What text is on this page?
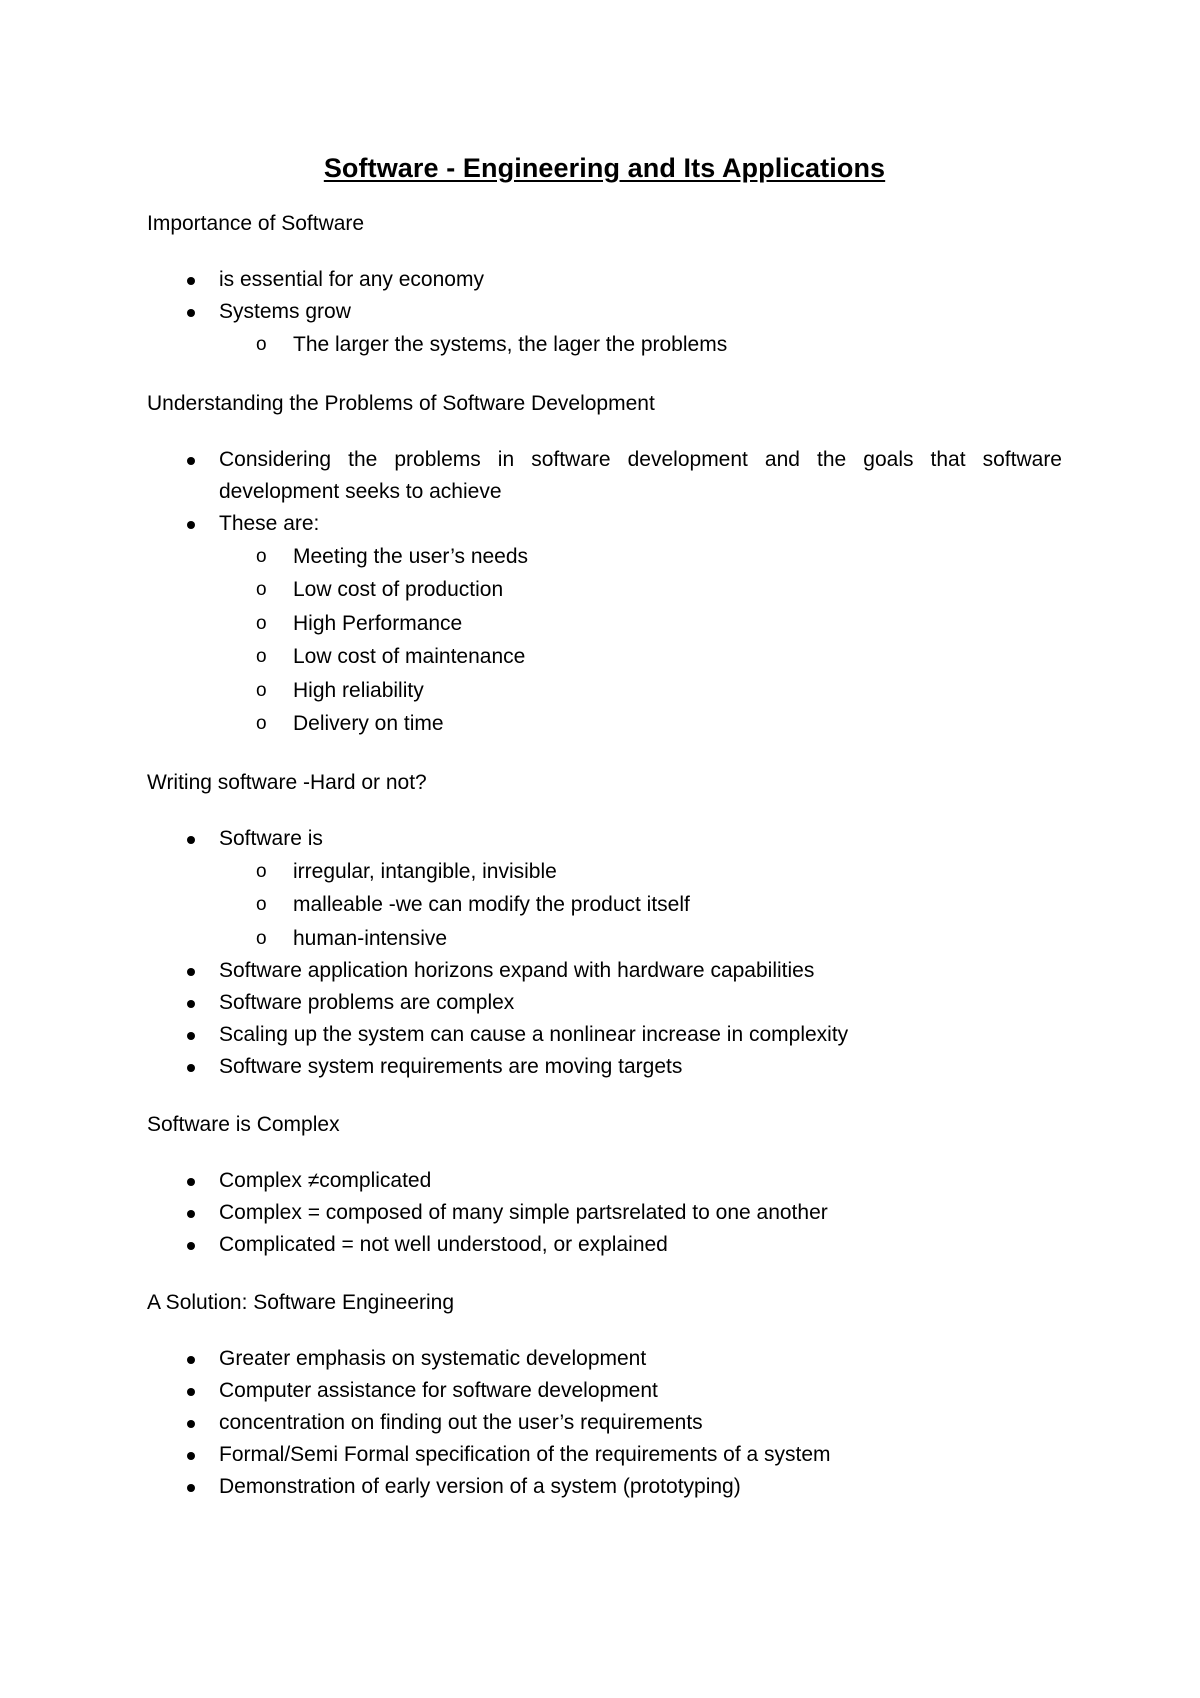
Software - Engineering and Its Applications
Importance of Software
is essential for any economy
Systems grow
o The larger the systems, the lager the problems
Understanding the Problems of Software Development
Considering the problems in software development and the goals that software development seeks to achieve
These are:
o Meeting the user’s needs
o Low cost of production
o High Performance
o Low cost of maintenance
o High reliability
o Delivery on time
Writing software -Hard or not?
Software is
o irregular, intangible, invisible
o malleable -we can modify the product itself
o human-intensive
Software application horizons expand with hardware capabilities
Software problems are complex
Scaling up the system can cause a nonlinear increase in complexity
Software system requirements are moving targets
Software is Complex
Complex ≠complicated
Complex = composed of many simple partsrelated to one another
Complicated = not well understood, or explained
A Solution: Software Engineering
Greater emphasis on systematic development
Computer assistance for software development
concentration on finding out the user’s requirements
Formal/Semi Formal specification of the requirements of a system
Demonstration of early version of a system (prototyping)
